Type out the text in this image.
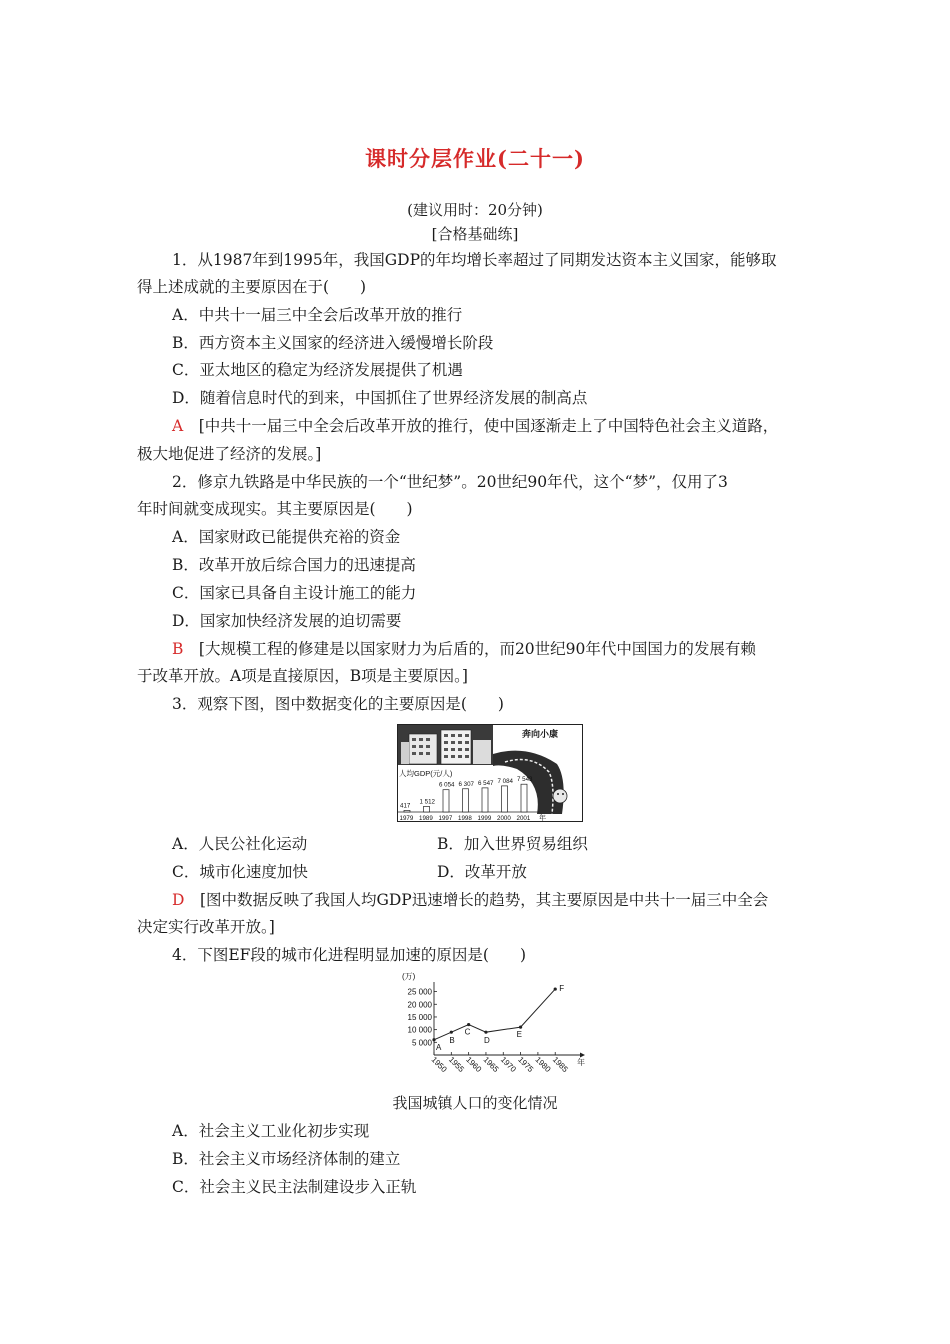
课时分层作业(二十一)
(建议用时：20分钟)
[合格基础练]
1．从1987年到1995年，我国GDP的年均增长率超过了同期发达资本主义国家，能够取
得上述成就的主要原因在于(　　)
A．中共十一届三中全会后改革开放的推行
B．西方资本主义国家的经济进入缓慢增长阶段
C．亚太地区的稳定为经济发展提供了机遇
D．随着信息时代的到来，中国抓住了世界经济发展的制高点
A　[中共十一届三中全会后改革开放的推行，使中国逐渐走上了中国特色社会主义道路，
极大地促进了经济的发展。]
2．修京九铁路是中华民族的一个“世纪梦”。20世纪90年代，这个“梦”，仅用了3
年时间就变成现实。其主要原因是(　　)
A．国家财政已能提供充裕的资金
B．改革开放后综合国力的迅速提高
C．国家已具备自主设计施工的能力
D．国家加快经济发展的迫切需要
B　[大规模工程的修建是以国家财力为后盾的，而20世纪90年代中国国力的发展有赖
于改革开放。A项是直接原因，B项是主要原因。]
3．观察下图，图中数据变化的主要原因是(　　)
奔向小康
人均GDP(元/人)
417
1979
1 512
1989
6 054
1997
6 307
1998
6 547
1999
7 084
2000
7 543
2001 年
A．人民公社化运动	B．加入世界贸易组织
C．城市化速度加快	D．改革开放
D　[图中数据反映了我国人均GDP迅速增长的趋势，其主要原因是中共十一届三中全会
决定实行改革开放。]
4．下图EF段的城市化进程明显加速的原因是(　　)
年
(万)
5 000
10 000
15 000
20 000
25 000
1950
1955
1960
1965
1970
1975
1980
1985
A
B
C
D
E
F
我国城镇人口的变化情况
A．社会主义工业化初步实现
B．社会主义市场经济体制的建立
C．社会主义民主法制建设步入正轨
